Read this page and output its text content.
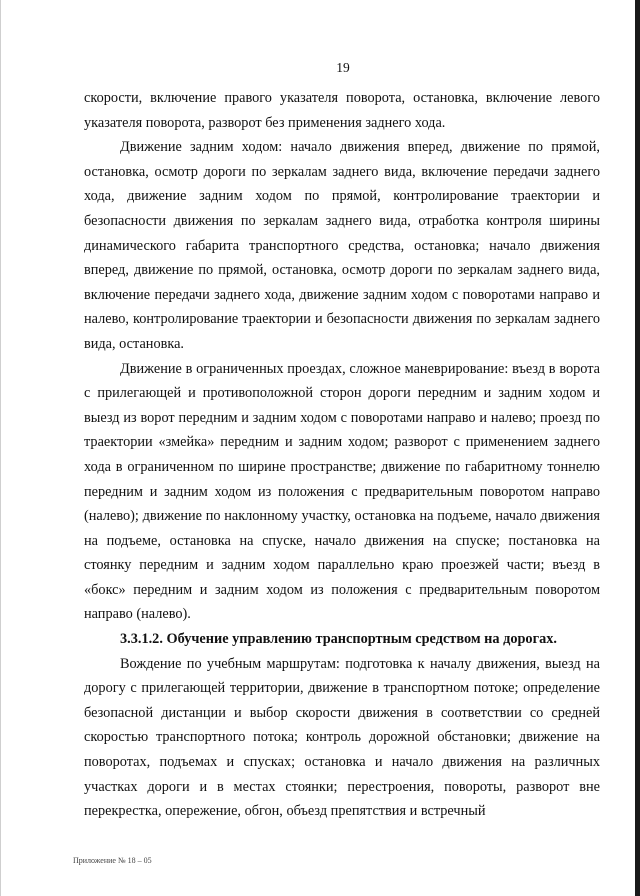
19

скорости, включение правого указателя поворота, остановка, включение левого указателя поворота, разворот без применения заднего хода.

Движение задним ходом: начало движения вперед, движение по прямой, остановка, осмотр дороги по зеркалам заднего вида, включение передачи заднего хода, движение задним ходом по прямой, контролирование траектории и безопасности движения по зеркалам заднего вида, отработка контроля ширины динамического габарита транспортного средства, остановка; начало движения вперед, движение по прямой, остановка, осмотр дороги по зеркалам заднего вида, включение передачи заднего хода, движение задним ходом с поворотами направо и налево, контролирование траектории и безопасности движения по зеркалам заднего вида, остановка.

Движение в ограниченных проездах, сложное маневрирование: въезд в ворота с прилегающей и противоположной сторон дороги передним и задним ходом и выезд из ворот передним и задним ходом с поворотами направо и налево; проезд по траектории «змейка» передним и задним ходом; разворот с применением заднего хода в ограниченном по ширине пространстве; движение по габаритному тоннелю передним и задним ходом из положения с предварительным поворотом направо (налево); движение по наклонному участку, остановка на подъеме, начало движения на подъеме, остановка на спуске, начало движения на спуске; постановка на стоянку передним и задним ходом параллельно краю проезжей части; въезд в «бокс» передним и задним ходом из положения с предварительным поворотом направо (налево).

3.3.1.2. Обучение управлению транспортным средством на дорогах.

Вождение по учебным маршрутам: подготовка к началу движения, выезд на дорогу с прилегающей территории, движение в транспортном потоке; определение безопасной дистанции и выбор скорости движения в соответствии со средней скоростью транспортного потока; контроль дорожной обстановки; движение на поворотах, подъемах и спусках; остановка и начало движения на различных участках дороги и в местах стоянки; перестроения, повороты, разворот вне перекрестка, опережение, обгон, объезд препятствия и встречный

Приложение № 18 – 05
